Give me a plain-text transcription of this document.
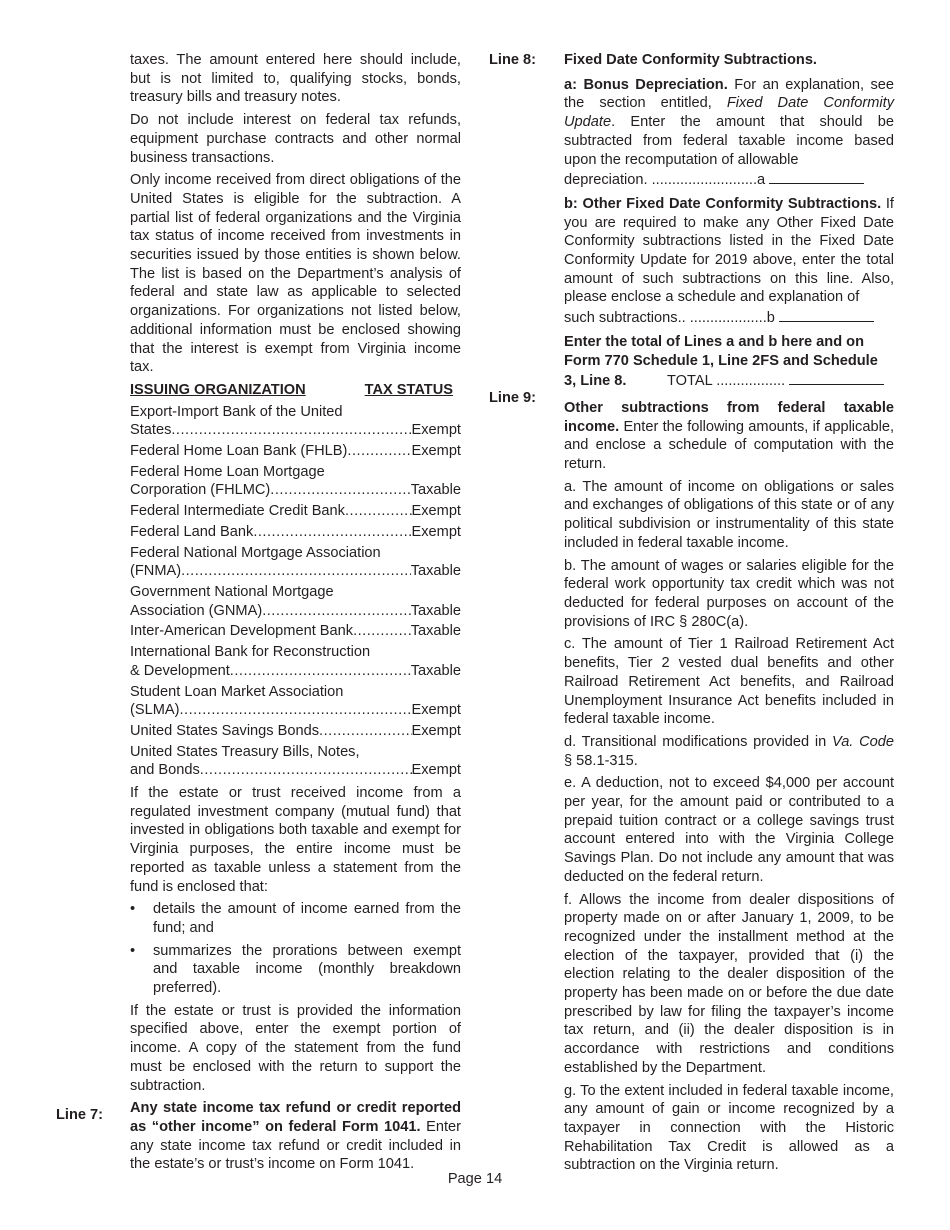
taxes. The amount entered here should include, but is not limited to, qualifying stocks, bonds, treasury bills and treasury notes.

Do not include interest on federal tax refunds, equipment purchase contracts and other normal business transactions.

Only income received from direct obligations of the United States is eligible for the subtraction. A partial list of federal organizations and the Virginia tax status of income received from investments in securities issued by those entities is shown below. The list is based on the Department’s analysis of federal and state law as applicable to selected organizations. For organizations not listed below, additional information must be enclosed showing that the interest is exempt from Virginia income tax.

ISSUING ORGANIZATION	TAX STATUS
Export-Import Bank of the United
States .....	Exempt
Federal Home Loan Bank (FHLB) .....	Exempt
Federal Home Loan Mortgage
Corporation (FHLMC) .....	Taxable
Federal Intermediate Credit Bank .....	Exempt
Federal Land Bank .....	Exempt
Federal National Mortgage Association
(FNMA) .....	Taxable
Government National Mortgage
Association (GNMA) .....	Taxable
Inter-American Development Bank .....	Taxable
International Bank for Reconstruction
& Development .....	Taxable
Student Loan Market Association
(SLMA) .....	Exempt
United States Savings Bonds .....	Exempt
United States Treasury Bills, Notes,
and Bonds .....	Exempt

If the estate or trust received income from a regulated investment company (mutual fund) that invested in obligations both taxable and exempt for Virginia purposes, the entire income must be reported as taxable unless a statement from the fund is enclosed that:

• details the amount of income earned from the fund; and
• summarizes the prorations between exempt and taxable income (monthly breakdown preferred).

If the estate or trust is provided the information specified above, enter the exempt portion of income. A copy of the statement from the fund must be enclosed with the return to support the subtraction.

Any state income tax refund or credit reported as “other income” on federal Form 1041. Enter any state income tax refund or credit included in the estate’s or trust’s income on Form 1041.

Line 7:
Line 8: Fixed Date Conformity Subtractions.

a: Bonus Depreciation. For an explanation, see the section entitled, Fixed Date Conformity Update. Enter the amount that should be subtracted from federal taxable income based upon the recomputation of allowable

depreciation. ..........................a

b: Other Fixed Date Conformity Subtractions. If you are required to make any Other Fixed Date Conformity subtractions listed in the Fixed Date Conformity Update for 2019 above, enter the total amount of such subtractions on this line. Also, please enclose a schedule and explanation of

such subtractions.. ...................b

Enter the total of Lines a and b here and on Form 770 Schedule 1, Line 2FS and Schedule 3, Line 8.	TOTAL .................

Other subtractions from federal taxable income. Enter the following amounts, if applicable, and enclose a schedule of computation with the return.

a. The amount of income on obligations or sales and exchanges of obligations of this state or of any political subdivision or instrumentality of this state included in federal taxable income.

b. The amount of wages or salaries eligible for the federal work opportunity tax credit which was not deducted for federal purposes on account of the provisions of IRC § 280C(a).

c. The amount of Tier 1 Railroad Retirement Act benefits, Tier 2 vested dual benefits and other Railroad Retirement Act benefits, and Railroad Unemployment Insurance Act benefits included in federal taxable income.

d. Transitional modifications provided in Va. Code § 58.1-315.

e. A deduction, not to exceed $4,000 per account per year, for the amount paid or contributed to a prepaid tuition contract or a college savings trust account entered into with the Virginia College Savings Plan. Do not include any amount that was deducted on the federal return.

f. Allows the income from dealer dispositions of property made on or after January 1, 2009, to be recognized under the installment method at the election of the taxpayer, provided that (i) the election relating to the dealer disposition of the property has been made on or before the due date prescribed by law for filing the taxpayer’s income tax return, and (ii) the dealer disposition is in accordance with restrictions and conditions established by the Department.

g. To the extent included in federal taxable income, any amount of gain or income recognized by a taxpayer in connection with the Historic Rehabilitation Tax Credit is allowed as a subtraction on the Virginia return.

Line 9:
Page 14
